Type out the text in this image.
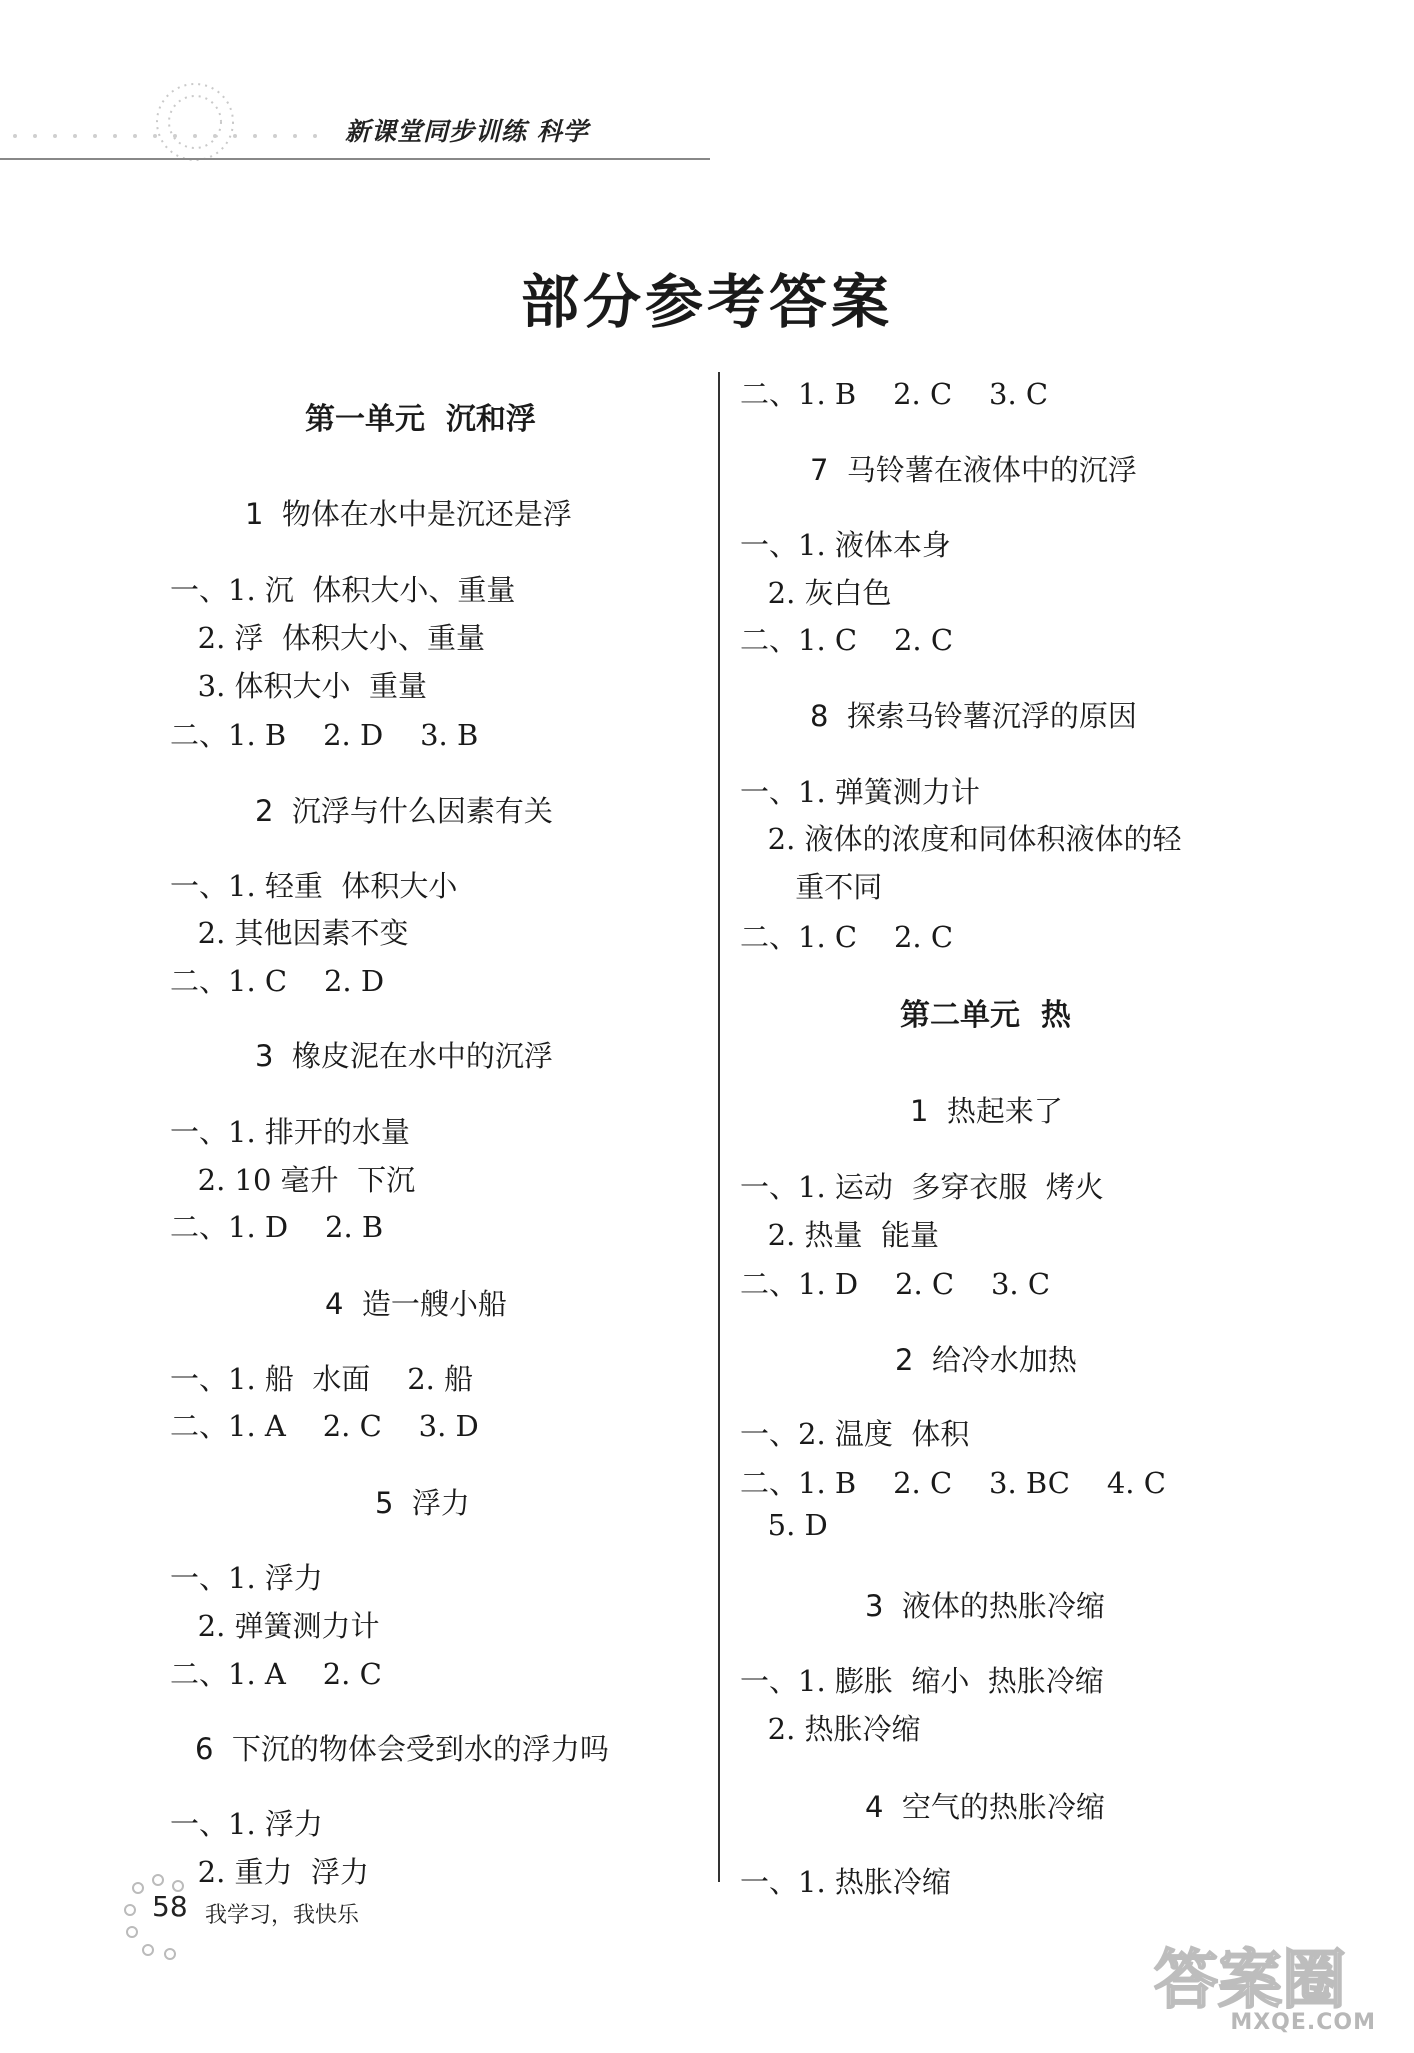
新课堂同步训练 科学
部分参考答案
第一单元  沉和浮
1  物体在水中是沉还是浮
一、1. 沉  体积大小、重量
2. 浮  体积大小、重量
3. 体积大小  重量
二、1. B    2. D    3. B
2  沉浮与什么因素有关
一、1. 轻重  体积大小
2. 其他因素不变
二、1. C    2. D
3  橡皮泥在水中的沉浮
一、1. 排开的水量
2. 10 毫升  下沉
二、1. D    2. B
4  造一艘小船
一、1. 船  水面    2. 船
二、1. A    2. C    3. D
5  浮力
一、1. 浮力
2. 弹簧测力计
二、1. A    2. C
6  下沉的物体会受到水的浮力吗
一、1. 浮力
2. 重力  浮力
二、1. B    2. C    3. C
7  马铃薯在液体中的沉浮
一、1. 液体本身
2. 灰白色
二、1. C    2. C
8  探索马铃薯沉浮的原因
一、1. 弹簧测力计
2. 液体的浓度和同体积液体的轻
重不同
二、1. C    2. C
第二单元  热
1  热起来了
一、1. 运动  多穿衣服  烤火
2. 热量  能量
二、1. D    2. C    3. C
2  给冷水加热
一、2. 温度  体积
二、1. B    2. C    3. BC    4. C
5. D
3  液体的热胀冷缩
一、1. 膨胀  缩小  热胀冷缩
2. 热胀冷缩
4  空气的热胀冷缩
一、1. 热胀冷缩
58 我学习，我快乐
答案圈
MXQE.COM
